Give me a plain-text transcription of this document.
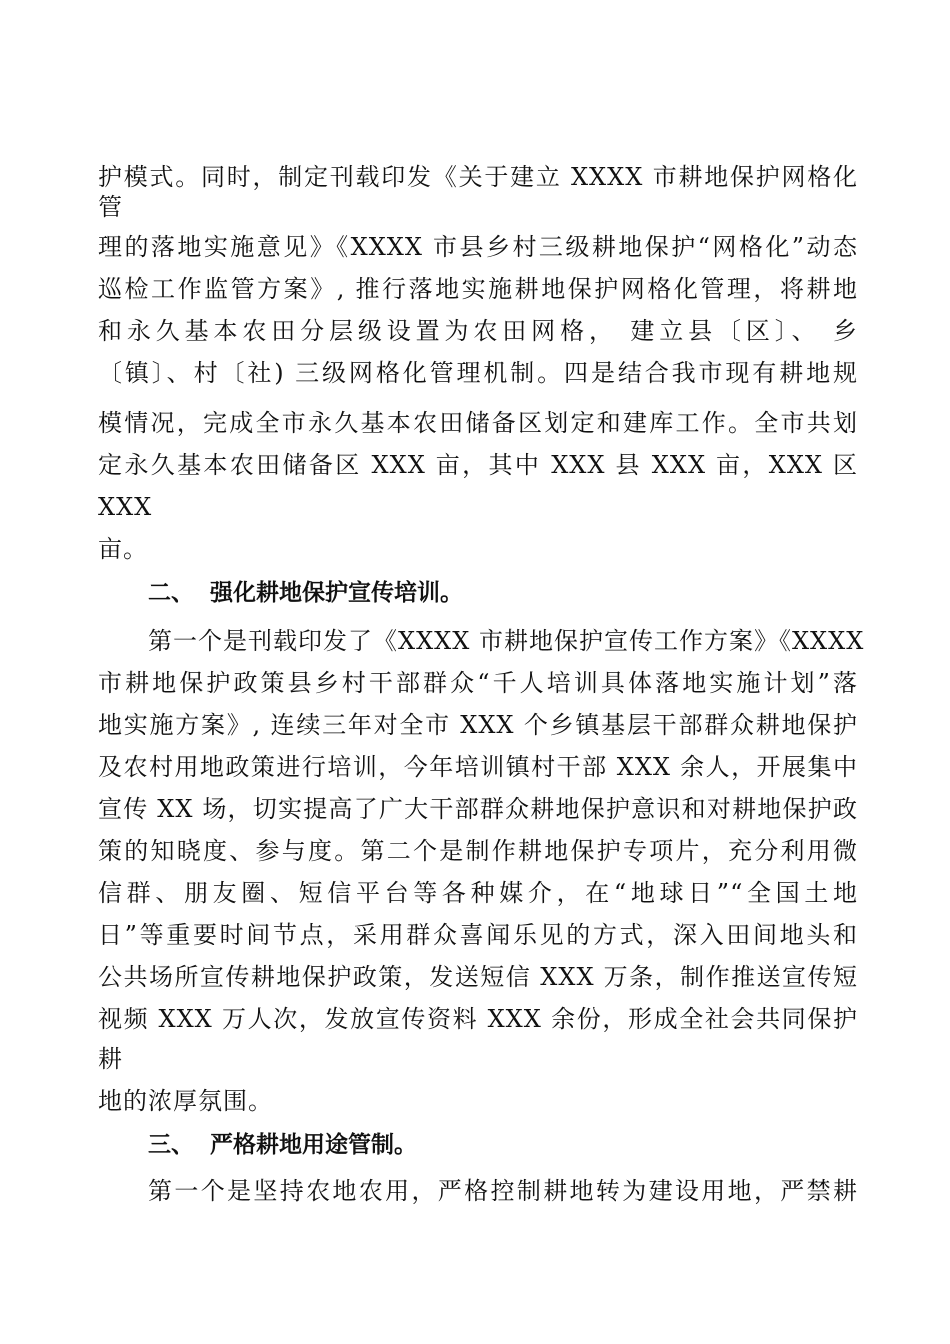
护模式。同时，制定刊载印发《关于建立 XXXX 市耕地保护网格化
管
理的落地实施意见》《XXXX 市县乡村三级耕地保护“网格化”动态
巡检工作监管方案》, 推行落地实施耕地保护网格化管理，将耕地
和永久基本农田分层级设置为农田网格， 建立县〔区〕、 乡
〔镇〕、村〔社) 三级网格化管理机制。四是结合我市现有耕地规
模情况，完成全市永久基本农田储备区划定和建库工作。全市共划
定永久基本农田储备区 XXX 亩，其中 XXX 县 XXX 亩，XXX 区
XXX
亩。
二、 强化耕地保护宣传培训。
第一个是刊载印发了《XXXX 市耕地保护宣传工作方案》《XXXX
市耕地保护政策县乡村干部群众“千人培训具体落地实施计划”落
地实施方案》, 连续三年对全市 XXX 个乡镇基层干部群众耕地保护
及农村用地政策进行培训，今年培训镇村干部 XXX 余人，开展集中
宣传 XX 场，切实提高了广大干部群众耕地保护意识和对耕地保护政
策的知晓度、参与度。第二个是制作耕地保护专项片，充分利用微
信群、朋友圈、短信平台等各种媒介，在“地球日”“全国土地
日”等重要时间节点，采用群众喜闻乐见的方式，深入田间地头和
公共场所宣传耕地保护政策，发送短信 XXX 万条，制作推送宣传短
视频 XXX 万人次，发放宣传资料 XXX 余份，形成全社会共同保护
耕
地的浓厚氛围。
三、 严格耕地用途管制。
第一个是坚持农地农用，严格控制耕地转为建设用地，严禁耕
